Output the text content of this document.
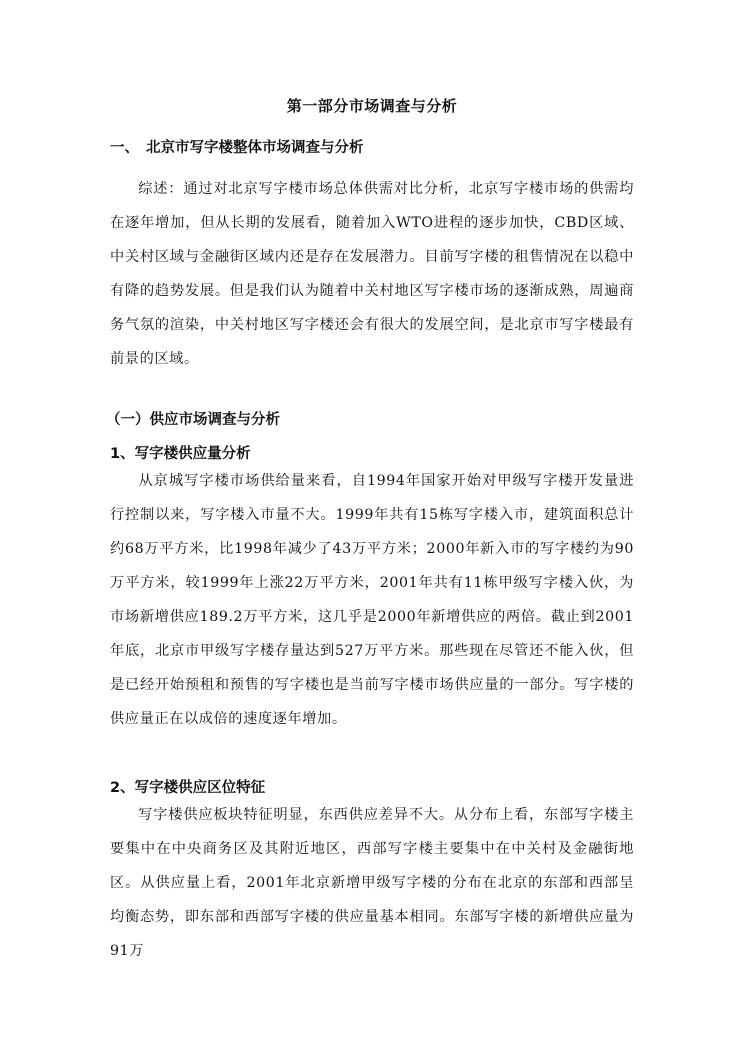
第一部分市场调查与分析
一、 北京市写字楼整体市场调查与分析
综述：通过对北京写字楼市场总体供需对比分析，北京写字楼市场的供需均在逐年增加，但从长期的发展看，随着加入WTO进程的逐步加快，CBD区域、中关村区域与金融街区域内还是存在发展潜力。目前写字楼的租售情况在以稳中有降的趋势发展。但是我们认为随着中关村地区写字楼市场的逐渐成熟，周遍商务气氛的渲染，中关村地区写字楼还会有很大的发展空间，是北京市写字楼最有前景的区域。
（一）供应市场调查与分析
1、写字楼供应量分析
从京城写字楼市场供给量来看，自1994年国家开始对甲级写字楼开发量进行控制以来，写字楼入市量不大。1999年共有15栋写字楼入市，建筑面积总计约68万平方米，比1998年减少了43万平方米；2000年新入市的写字楼约为90万平方米，较1999年上涨22万平方米，2001年共有11栋甲级写字楼入伙，为市场新增供应189.2万平方米，这几乎是2000年新增供应的两倍。截止到2001年底，北京市甲级写字楼存量达到527万平方米。那些现在尽管还不能入伙，但是已经开始预租和预售的写字楼也是当前写字楼市场供应量的一部分。写字楼的供应量正在以成倍的速度逐年增加。
2、写字楼供应区位特征
写字楼供应板块特征明显，东西供应差异不大。从分布上看，东部写字楼主要集中在中央商务区及其附近地区，西部写字楼主要集中在中关村及金融街地区。从供应量上看，2001年北京新增甲级写字楼的分布在北京的东部和西部呈均衡态势，即东部和西部写字楼的供应量基本相同。东部写字楼的新增供应量为91万
